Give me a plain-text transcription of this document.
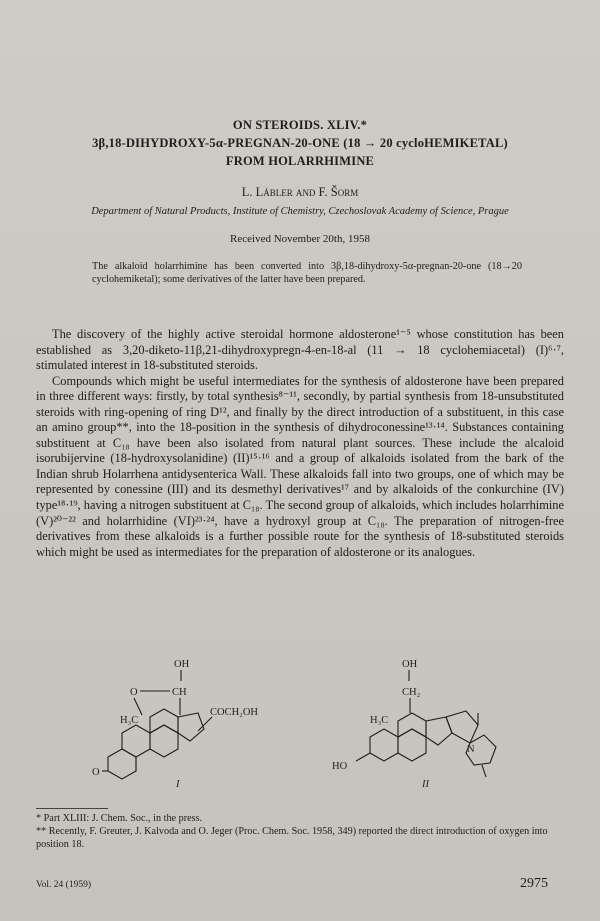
ON STEROIDS. XLIV.*
3β,18-DIHYDROXY-5α-PREGNAN-20-ONE (18 → 20 cycloHEMIKETAL)
FROM HOLARRHIMINE
L. Lábler and F. Šorm
Department of Natural Products, Institute of Chemistry, Czechoslovak Academy of Science, Prague
Received November 20th, 1958
The alkaloid holarrhimine has been converted into 3β,18-dihydroxy-5α-pregnan-20-one (18→20 cyclohemiketal); some derivatives of the latter have been prepared.

The discovery of the highly active steroidal hormone aldosterone¹⁻⁵ whose constitution has been established as 3,20-diketo-11β,21-dihydroxypregn-4-en-18-al (11 → 18 cyclohemiacetal) (I)⁶·⁷, stimulated interest in 18-substituted steroids.

Compounds which might be useful intermediates for the synthesis of aldosterone have been prepared in three different ways: firstly, by total synthesis⁸⁻¹¹, secondly, by partial synthesis from 18-unsubstituted steroids with ring-opening of ring D¹², and finally by the direct introduction of a substituent, in this case an amino group**, into the 18-position in the synthesis of dihydroconessine¹³·¹⁴. Substances containing substituent at C₁₈ have been also isolated from natural plant sources. These include the alcaloid isorubijervine (18-hydroxysolanidine) (II)¹⁵·¹⁶ and a group of alkaloids isolated from the bark of the Indian shrub Holarrhena antidysenterica Wall. These alkaloids fall into two groups, one of which may be represented by conessine (III) and its desmethyl derivatives¹⁷ and by alkaloids of the conkurchine (IV) type¹⁸·¹⁹, having a nitrogen substituent at C₁₈. The second group of alkaloids, which includes holarrhimine (V)²⁰⁻²² and holarrhidine (VI)²³·²⁴, have a hydroxyl group at C₁₈. The preparation of nitrogen-free derivatives from these alkaloids is a further possible route for the synthesis of 18-substituted steroids which might be used as intermediates for the preparation of aldosterone or its analogues.

OH
O	CH
COCH₂OH
H₃C
O
I
OH
CH₂
H₃C
N
HO
II
* Part XLIII: J. Chem. Soc., in the press.
** Recently, F. Greuter, J. Kalvoda and O. Jeger (Proc. Chem. Soc. 1958, 349) reported the direct introduction of oxygen into position 18.
Vol. 24 (1959)	2975
